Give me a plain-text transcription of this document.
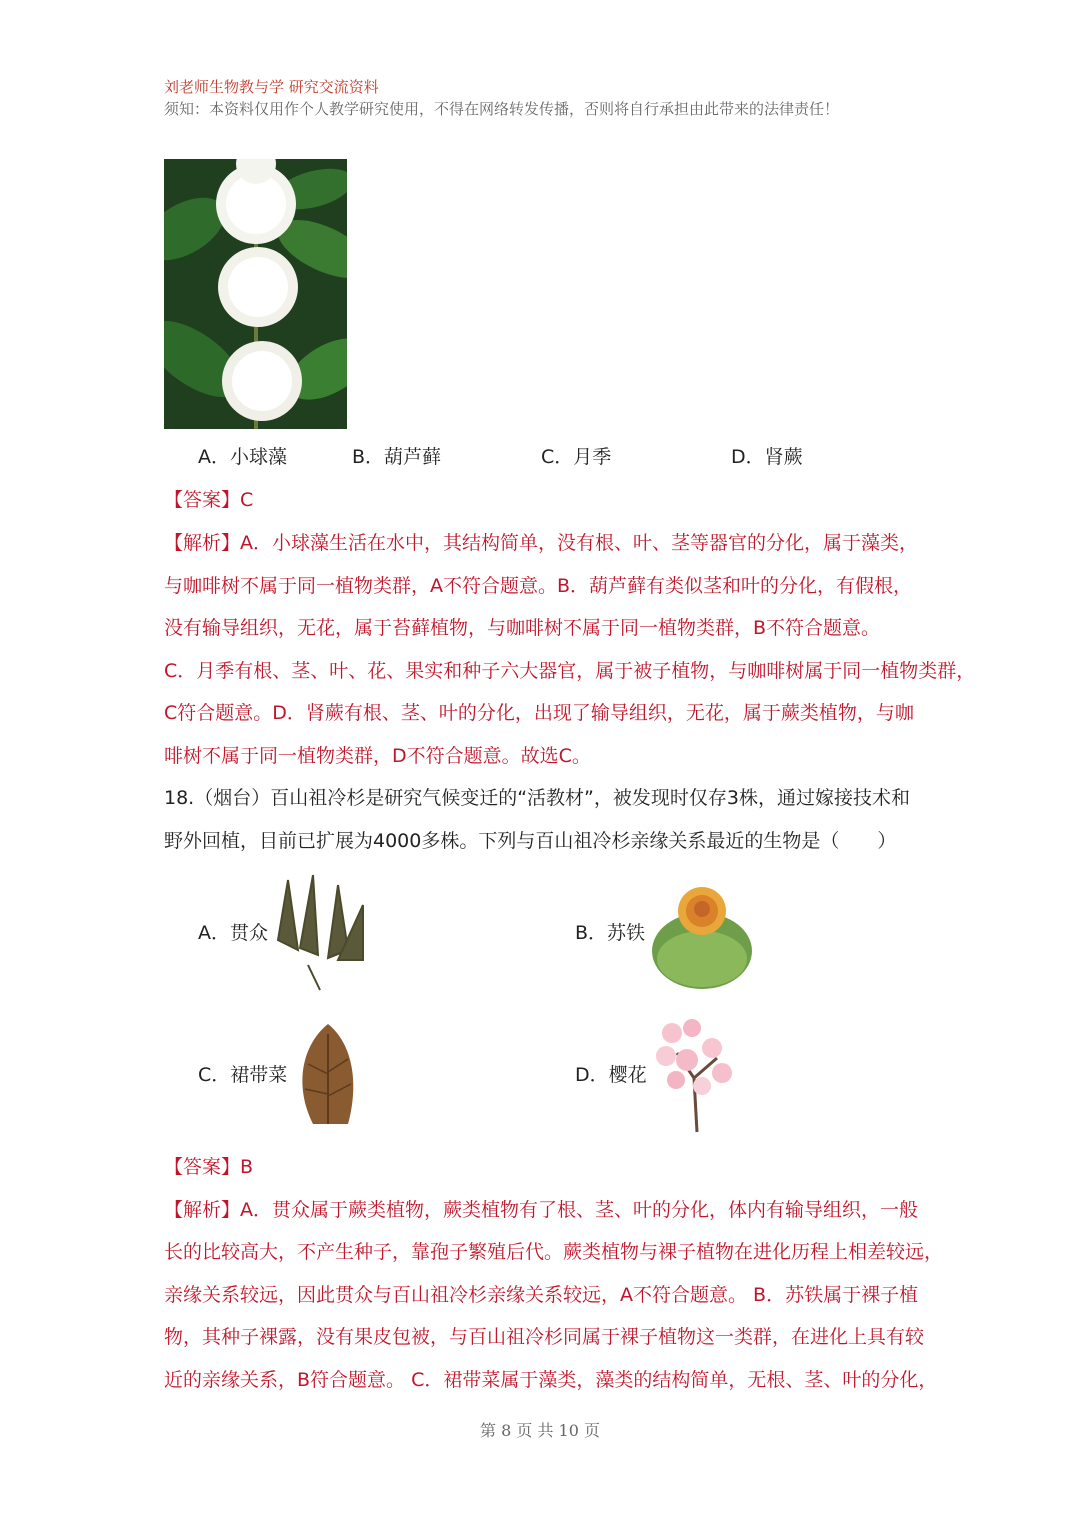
刘老师生物教与学 研究交流资料
须知：本资料仅用作个人教学研究使用，不得在网络转发传播，否则将自行承担由此带来的法律责任！
A．小球藻	B．葫芦藓	C．月季	D．肾蕨
【答案】C
【解析】A．小球藻生活在水中，其结构简单，没有根、叶、茎等器官的分化，属于藻类，
与咖啡树不属于同一植物类群，A不符合题意。B．葫芦藓有类似茎和叶的分化，有假根，
没有输导组织，无花，属于苔藓植物，与咖啡树不属于同一植物类群，B不符合题意。
C．月季有根、茎、叶、花、果实和种子六大器官，属于被子植物，与咖啡树属于同一植物类群，
C符合题意。D．肾蕨有根、茎、叶的分化，出现了输导组织，无花，属于蕨类植物，与咖
啡树不属于同一植物类群，D不符合题意。故选C。
18.（烟台）百山祖冷杉是研究气候变迁的“活教材”，被发现时仅存3株，通过嫁接技术和
野外回植，目前已扩展为4000多株。下列与百山祖冷杉亲缘关系最近的生物是（　　）
A．贯众	B．苏铁
C．裙带菜	D．樱花
【答案】B
【解析】A．贯众属于蕨类植物，蕨类植物有了根、茎、叶的分化，体内有输导组织，一般
长的比较高大，不产生种子，靠孢子繁殖后代。蕨类植物与裸子植物在进化历程上相差较远，
亲缘关系较远，因此贯众与百山祖冷杉亲缘关系较远，A不符合题意。 B．苏铁属于裸子植
物，其种子裸露，没有果皮包被，与百山祖冷杉同属于裸子植物这一类群，在进化上具有较
近的亲缘关系，B符合题意。 C．裙带菜属于藻类，藻类的结构简单，无根、茎、叶的分化，
第 8 页 共 10 页
